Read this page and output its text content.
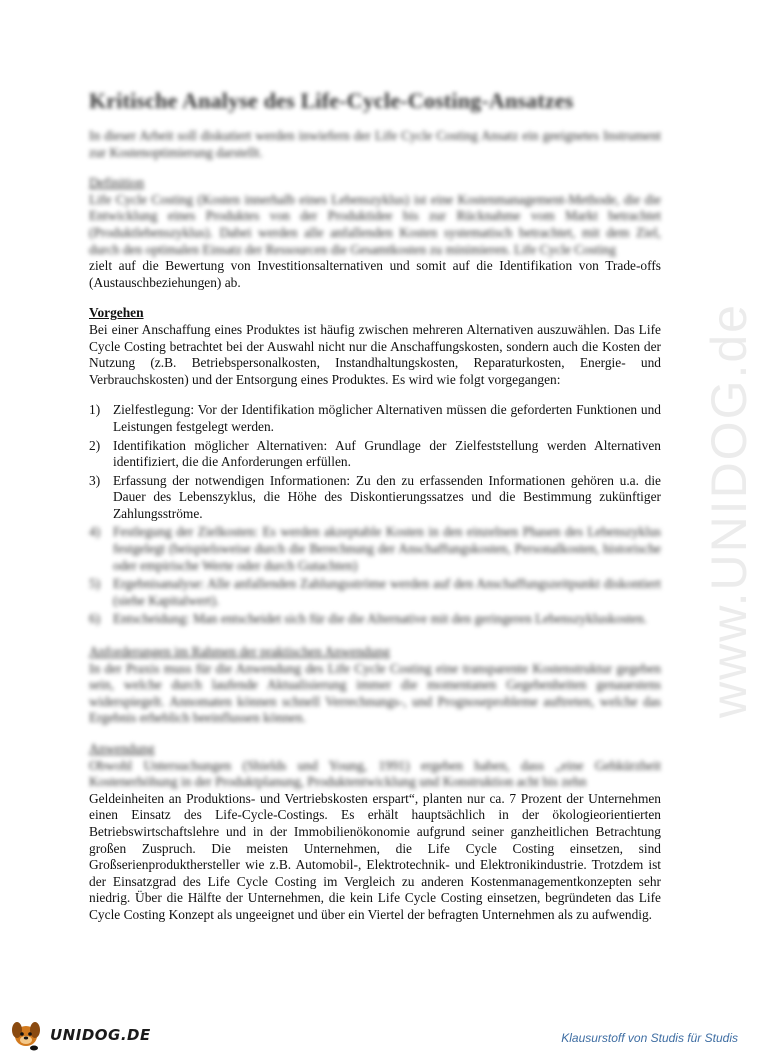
www.UNIDOG.de
Kritische Analyse des Life-Cycle-Costing-Ansatzes

In dieser Arbeit soll diskutiert werden inwiefern der Life Cycle Costing Ansatz ein geeignetes Instrument zur Kostenoptimierung darstellt.

Definition

Life Cycle Costing (Kosten innerhalb eines Lebenszyklus) ist eine Kostenmanagement-Methode, die die Entwicklung eines Produktes von der Produktidee bis zur Rücknahme vom Markt betrachtet (Produktlebenszyklus). Dabei werden alle anfallenden Kosten systematisch betrachtet, mit dem Ziel, durch den optimalen Einsatz der Ressourcen die Gesamtkosten zu minimieren. Life Cycle Costing

zielt auf die Bewertung von Investitionsalternativen und somit auf die Identifikation von Trade-offs (Austauschbeziehungen) ab.

Vorgehen

Bei einer Anschaffung eines Produktes ist häufig zwischen mehreren Alternativen auszuwählen. Das Life Cycle Costing betrachtet bei der Auswahl nicht nur die Anschaffungskosten, sondern auch die Kosten der Nutzung (z.B. Betriebspersonalkosten, Instandhaltungskosten, Reparaturkosten, Energie- und Verbrauchskosten) und der Entsorgung eines Produktes. Es wird wie folgt vorgegangen:

1) Zielfestlegung: Vor der Identifikation möglicher Alternativen müssen die geforderten Funktionen und Leistungen festgelegt werden.
2) Identifikation möglicher Alternativen: Auf Grundlage der Zielfeststellung werden Alternativen identifiziert, die die Anforderungen erfüllen.
3) Erfassung der notwendigen Informationen: Zu den zu erfassenden Informationen gehören u.a. die Dauer des Lebenszyklus, die Höhe des Diskontierungssatzes und die Bestimmung zukünftiger Zahlungsströme.
4) Festlegung der Zielkosten: Es werden akzeptable Kosten in den einzelnen Phasen des Lebenszyklus festgelegt (beispielsweise durch die Berechnung der Anschaffungskosten, Personalkosten, historische oder empirische Werte oder durch Gutachten)
5) Ergebnisanalyse: Alle anfallenden Zahlungsströme werden auf den Anschaffungszeitpunkt diskontiert (siehe Kapitalwert).
6) Entscheidung: Man entscheidet sich für die die Alternative mit den geringeren Lebenszykluskosten.
Anforderungen im Rahmen der praktischen Anwendung

In der Praxis muss für die Anwendung des Life Cycle Costing eine transparente Kostenstruktur gegeben sein, welche durch laufende Aktualisierung immer die momentanen Gegebenheiten genauestens widerspiegelt. Annomaten können schnell Verrechnungs-, und Prognoseprobleme auftreten, welche das Ergebnis erheblich beeinflussen können.

Anwendung

Obwohl Untersuchungen (Shields und Young, 1991) ergeben haben, dass „eine Gehkürzheit Kostenerhöhung in der Produktplanung, Produktentwicklung und Konstruktion acht bis zehn

Geldeinheiten an Produktions- und Vertriebskosten erspart“, planten nur ca. 7 Prozent der Unternehmen einen Einsatz des Life-Cycle-Costings. Es erhält hauptsächlich in der ökologieorientierten Betriebswirtschaftslehre und in der Immobilienökonomie aufgrund seiner ganzheitlichen Betrachtung großen Zuspruch. Die meisten Unternehmen, die Life Cycle Costing einsetzen, sind Großserienprodukthersteller wie z.B. Automobil-, Elektrotechnik- und Elektronikindustrie. Trotzdem ist der Einsatzgrad des Life Cycle Costing im Vergleich zu anderen Kostenmanagementkonzepten sehr niedrig. Über die Hälfte der Unternehmen, die kein Life Cycle Costing einsetzen, begründeten das Life Cycle Costing Konzept als ungeeignet und über ein Viertel der befragten Unternehmen als zu aufwendig.

UNIDOG.DE	Klausurstoff von Studis für Studis
